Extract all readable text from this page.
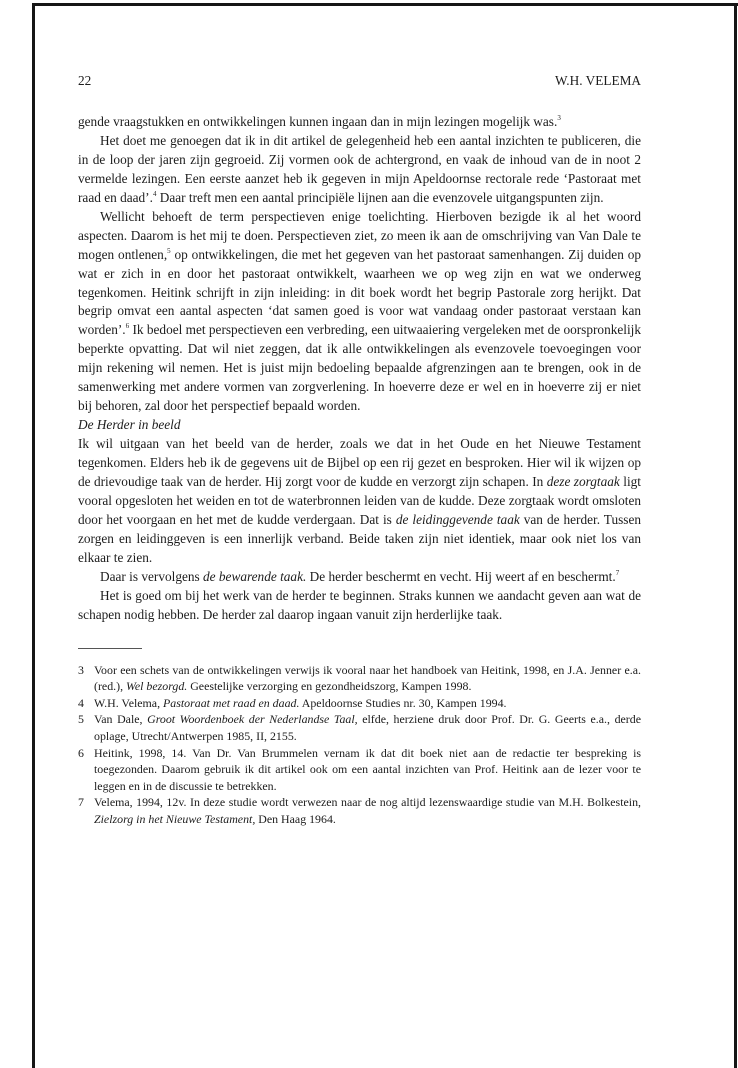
22	W.H. VELEMA

gende vraagstukken en ontwikkelingen kunnen ingaan dan in mijn lezingen mogelijk was.$^3$

Het doet me genoegen dat ik in dit artikel de gelegenheid heb een aantal inzichten te publiceren, die in de loop der jaren zijn gegroeid. Zij vormen ook de achtergrond, en vaak de inhoud van de in noot 2 vermelde lezingen. Een eerste aanzet heb ik gegeven in mijn Apeldoornse rectorale rede ‘Pastoraat met raad en daad’.$^4$ Daar treft men een aantal principiële lijnen aan die evenzovele uitgangspunten zijn.

Wellicht behoeft de term perspectieven enige toelichting. Hierboven bezigde ik al het woord aspecten. Daarom is het mij te doen. Perspectieven ziet, zo meen ik aan de omschrijving van Van Dale te mogen ontlenen,$^5$ op ontwikkelingen, die met het gegeven van het pastoraat samenhangen. Zij duiden op wat er zich in en door het pastoraat ontwikkelt, waarheen we op weg zijn en wat we onderweg tegenkomen. Heitink schrijft in zijn inleiding: in dit boek wordt het begrip Pastorale zorg herijkt. Dat begrip omvat een aantal aspecten ‘dat samen goed is voor wat vandaag onder pastoraat verstaan kan worden’.$^6$ Ik bedoel met perspectieven een verbreding, een uitwaaiering vergeleken met de oorspronkelijk beperkte opvatting. Dat wil niet zeggen, dat ik alle ontwikkelingen als evenzovele toevoegingen voor mijn rekening wil nemen. Het is juist mijn bedoeling bepaalde afgrenzingen aan te brengen, ook in de samenwerking met andere vormen van zorgverlening. In hoeverre deze er wel en in hoeverre zij er niet bij behoren, zal door het perspectief bepaald worden.

De Herder in beeld

Ik wil uitgaan van het beeld van de herder, zoals we dat in het Oude en het Nieuwe Testament tegenkomen. Elders heb ik de gegevens uit de Bijbel op een rij gezet en besproken. Hier wil ik wijzen op de drievoudige taak van de herder. Hij zorgt voor de kudde en verzorgt zijn schapen. In deze zorgtaak ligt vooral opgesloten het weiden en tot de waterbronnen leiden van de kudde. Deze zorgtaak wordt omsloten door het voorgaan en het met de kudde verdergaan. Dat is de leidinggevende taak van de herder. Tussen zorgen en leidinggeven is een innerlijk verband. Beide taken zijn niet identiek, maar ook niet los van elkaar te zien.

Daar is vervolgens de bewarende taak. De herder beschermt en vecht. Hij weert af en beschermt.$^7$

Het is goed om bij het werk van de herder te beginnen. Straks kunnen we aandacht geven aan wat de schapen nodig hebben. De herder zal daarop ingaan vanuit zijn herderlijke taak.

3 Voor een schets van de ontwikkelingen verwijs ik vooral naar het handboek van Heitink, 1998, en J.A. Jenner e.a. (red.), Wel bezorgd. Geestelijke verzorging en gezondheidszorg, Kampen 1998.
4 W.H. Velema, Pastoraat met raad en daad. Apeldoornse Studies nr. 30, Kampen 1994.
5 Van Dale, Groot Woordenboek der Nederlandse Taal, elfde, herziene druk door Prof. Dr. G. Geerts e.a., derde oplage, Utrecht/Antwerpen 1985, II, 2155.
6 Heitink, 1998, 14. Van Dr. Van Brummelen vernam ik dat dit boek niet aan de redactie ter bespreking is toegezonden. Daarom gebruik ik dit artikel ook om een aantal inzichten van Prof. Heitink aan de lezer voor te leggen en in de discussie te betrekken.
7 Velema, 1994, 12v. In deze studie wordt verwezen naar de nog altijd lezenswaardige studie van M.H. Bolkestein, Zielzorg in het Nieuwe Testament, Den Haag 1964.
